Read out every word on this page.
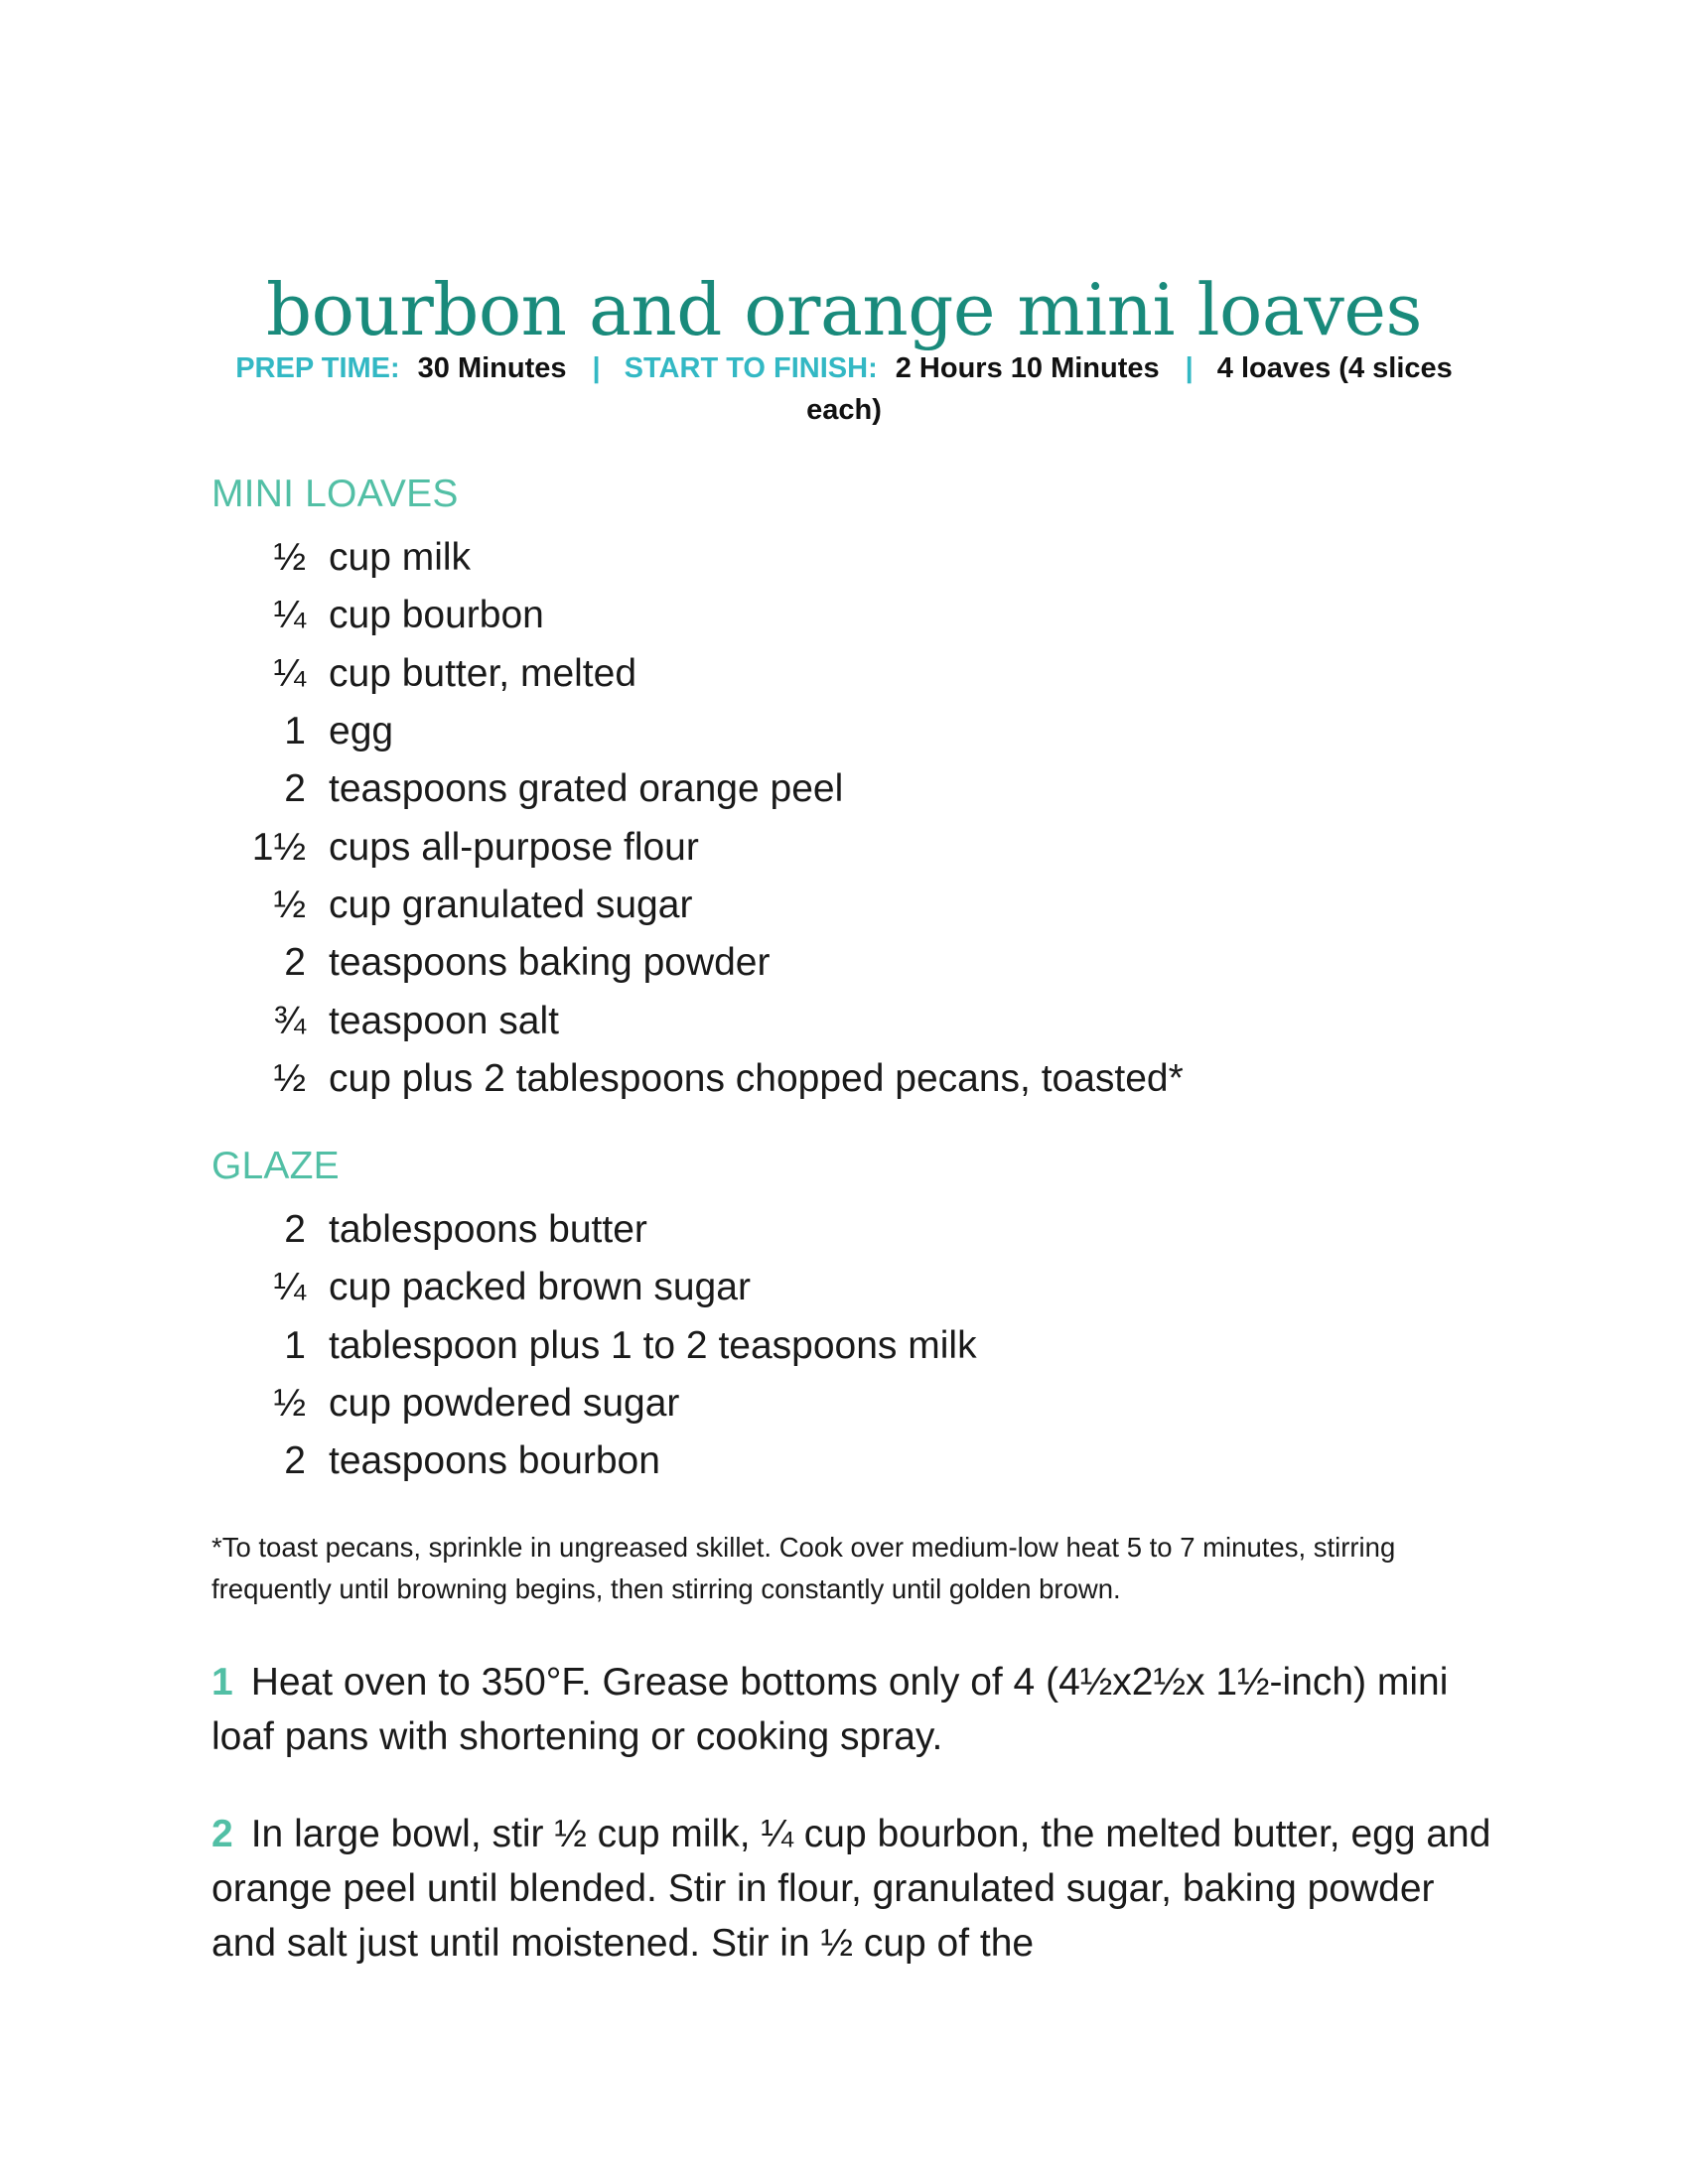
bourbon and orange mini loaves
PREP TIME: 30 Minutes | START TO FINISH: 2 Hours 10 Minutes | 4 loaves (4 slices each)
MINI LOAVES
½ cup milk
¼ cup bourbon
¼ cup butter, melted
1 egg
2 teaspoons grated orange peel
1½ cups all-purpose flour
½ cup granulated sugar
2 teaspoons baking powder
¾ teaspoon salt
½ cup plus 2 tablespoons chopped pecans, toasted*
GLAZE
2 tablespoons butter
¼ cup packed brown sugar
1 tablespoon plus 1 to 2 teaspoons milk
½ cup powdered sugar
2 teaspoons bourbon

*To toast pecans, sprinkle in ungreased skillet. Cook over medium-low heat 5 to 7 minutes, stirring frequently until browning begins, then stirring constantly until golden brown.

1 Heat oven to 350°F. Grease bottoms only of 4 (4½x2½x 1½-inch) mini loaf pans with shortening or cooking spray.
2 In large bowl, stir ½ cup milk, ¼ cup bourbon, the melted butter, egg and orange peel until blended. Stir in flour, granulated sugar, baking powder and salt just until moistened. Stir in ½ cup of the
